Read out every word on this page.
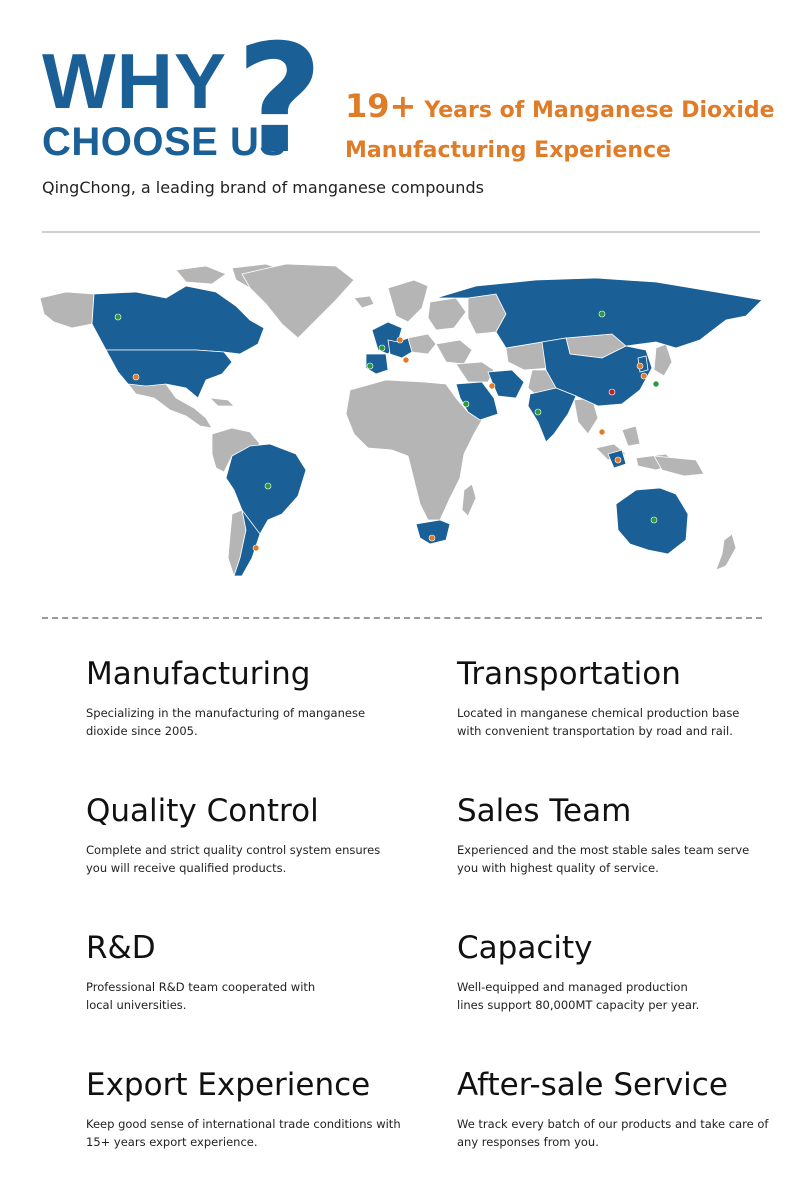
WHY
CHOOSE US
? 19+ Years of Manganese Dioxide
Manufacturing Experience
QingChong, a leading brand of manganese compounds
Manufacturing

Specializing in the manufacturing of manganese
dioxide since 2005.

Transportation

Located in manganese chemical production base
with convenient transportation by road and rail.

Quality Control

Complete and strict quality control system ensures
you will receive qualified products.

Sales Team

Experienced and the most stable sales team serve
you with highest quality of service.

R&D

Professional R&D team cooperated with
local universities.

Capacity

Well-equipped and managed production
lines support 80,000MT capacity per year.

Export Experience

Keep good sense of international trade conditions with
15+ years export experience.

After-sale Service

We track every batch of our products and take care of
any responses from you.
